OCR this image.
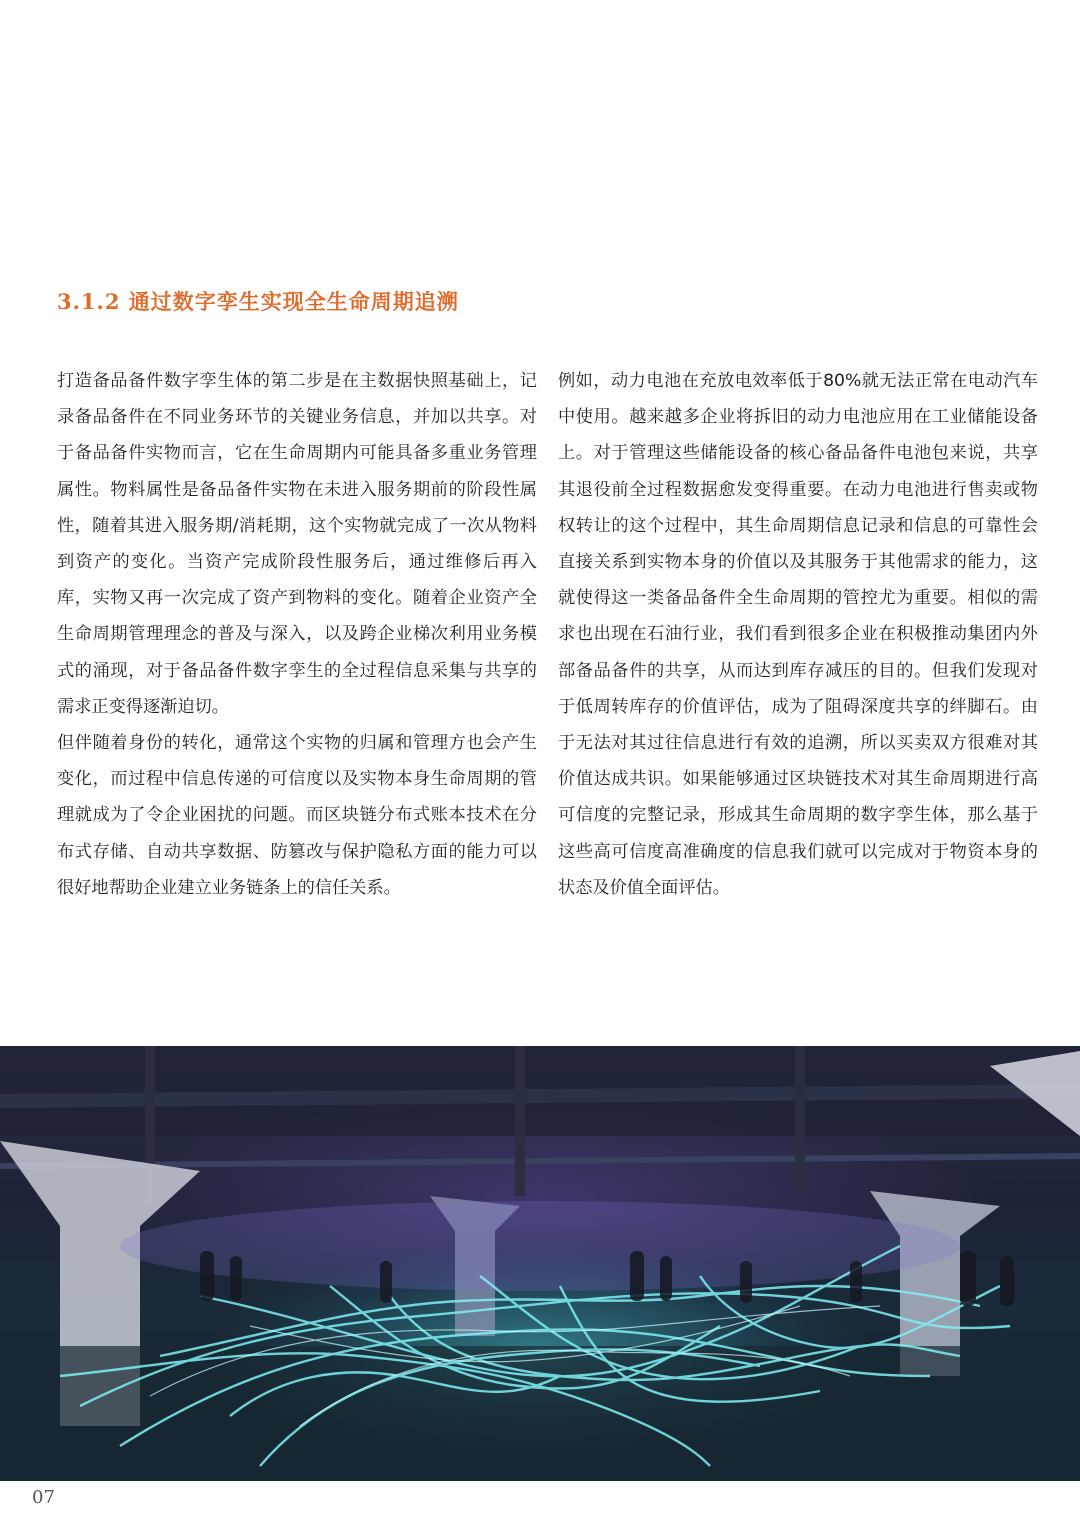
3.1.2 通过数字孪生实现全生命周期追溯

打造备品备件数字孪生体的第二步是在主数据快照基础上，记录备品备件在不同业务环节的关键业务信息，并加以共享。对于备品备件实物而言，它在生命周期内可能具备多重业务管理属性。物料属性是备品备件实物在未进入服务期前的阶段性属性，随着其进入服务期/消耗期，这个实物就完成了一次从物料到资产的变化。当资产完成阶段性服务后，通过维修后再入库，实物又再一次完成了资产到物料的变化。随着企业资产全生命周期管理理念的普及与深入，以及跨企业梯次利用业务模式的涌现，对于备品备件数字孪生的全过程信息采集与共享的需求正变得逐渐迫切。

但伴随着身份的转化，通常这个实物的归属和管理方也会产生变化，而过程中信息传递的可信度以及实物本身生命周期的管理就成为了令企业困扰的问题。而区块链分布式账本技术在分布式存储、自动共享数据、防篡改与保护隐私方面的能力可以很好地帮助企业建立业务链条上的信任关系。

例如，动力电池在充放电效率低于80%就无法正常在电动汽车中使用。越来越多企业将拆旧的动力电池应用在工业储能设备上。对于管理这些储能设备的核心备品备件电池包来说，共享其退役前全过程数据愈发变得重要。在动力电池进行售卖或物权转让的这个过程中，其生命周期信息记录和信息的可靠性会直接关系到实物本身的价值以及其服务于其他需求的能力，这就使得这一类备品备件全生命周期的管控尤为重要。相似的需求也出现在石油行业，我们看到很多企业在积极推动集团内外部备品备件的共享，从而达到库存减压的目的。但我们发现对于低周转库存的价值评估，成为了阻碍深度共享的绊脚石。由于无法对其过往信息进行有效的追溯，所以买卖双方很难对其价值达成共识。如果能够通过区块链技术对其生命周期进行高可信度的完整记录，形成其生命周期的数字孪生体，那么基于这些高可信度高准确度的信息我们就可以完成对于物资本身的状态及价值全面评估。

07
